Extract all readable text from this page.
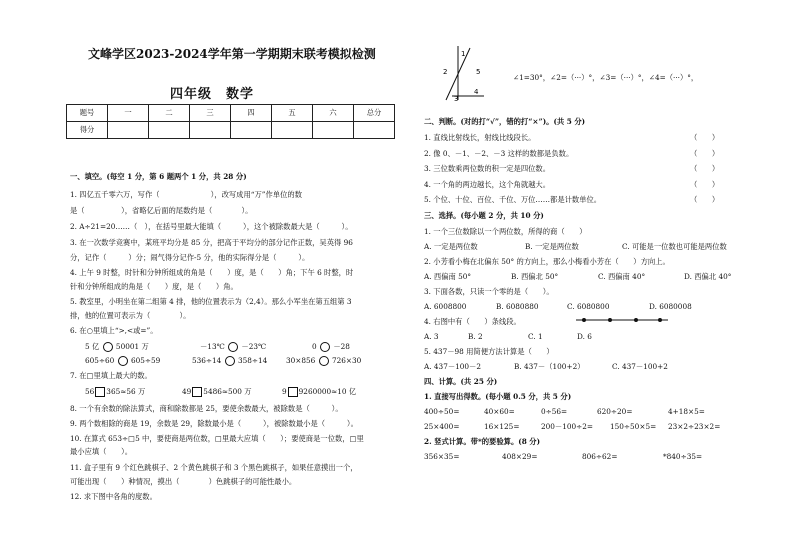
文峰学区2023-2024学年第一学期期末联考模拟检测
四年级　数学
题号	一	二	三	四	五	六	总分
得分							
一、填空。(每空 1 分，第 6 题两个 1 分，共 28 分)
1. 四亿五千零六万，写作（　　　　　　　），改写成用“万”作单位的数
是（　　　　　），省略亿后面的尾数约是（　　　　）。
2. A÷21=20……（　），在括号里最大能填（　　　），这个被除数最大是（　　　）。
3. 在一次数学竞赛中，某班平均分是 85 分，把高于平均分的部分记作正数，吴英得 96
分，记作（　　　）分；闹气得分记作-5 分，他的实际得分是（　　　）。
4. 上午 9 时整，时针和分钟所组成的角是（　　）度，是（　　）角；下午 6 时整，时
针和分钟所组成的角是（　　）度，是（　　）角。
5. 教室里，小明坐在第二组第 4 排，他的位置表示为（2,4）。那么小军坐在第五组第 3
排，他的位置可表示为（　　　　）。
6. 在○里填上“>,<或=”。
5 亿 50001 万	－13℃ －23℃	0 －28
605÷60 605÷59	536÷14 358÷14	30×856 726×30
7. 在□里填上最大的数。
56 365≈56 万	49 5486≈500 万	9 9260000≈10 亿
8. 一个有余数的除法算式，商和除数都是 25，要使余数最大，被除数是（　　　）。
9. 两个数相除的商是 19，余数是 29，除数最小是（　　　），被除数最小是（　　　）。
10. 在算式 653÷□5 中，要使商是两位数，□里最大应填（　　）；要使商是一位数，□里
最小应填（　　）。
11. 盒子里有 9 个红色跳棋子、2 个黄色跳棋子和 3 个黑色跳棋子，如果任意摸出一个，
可能出现（　　）种情况，摸出（　　　　）色跳棋子的可能性最小。
12. 求下图中各角的度数。
1
2	5
3
4
∠1=30°，∠2=（···）°，∠3=（···）°，∠4=（···）°，
二、判断。(对的打“√”，错的打“×”)。(共 5 分)
1. 直线比射线长，射线比线段长。	（　　）
2. 像 0、－1、－2、－3 这样的数都是负数。	（　　）
3. 三位数乘两位数的积一定是四位数。	（　　）
4. 一个角的两边越长，这个角就越大。	（　　）
5. 个位、十位、百位、千位、万位……都是计数单位。	（　　）
三、选择。(每小题 2 分，共 10 分)
1. 一个三位数除以一个两位数，所得的商（　　）
A. 一定是两位数	B. 一定是两位数	C. 可能是一位数也可能是两位数
2. 小芳看小梅在北偏东 50° 的方向上，那么小梅看小芳在（　　）方向上。
A. 西偏南 50°	B. 西偏北 50°	C. 西偏南 40°	D. 西偏北 40°
3. 下面各数，只读一个零的是（　　）。
A. 6008800	B. 6080880	C. 6080800	D. 6080008
4. 右图中有（　　）条线段。
A. 3	B. 2	C. 1	D. 6
5. 437－98 用简便方法计算是（　　）
A. 437－100－2	B. 437－（100+2）	C. 437－100+2
四、计算。(共 25 分)
1. 直接写出得数。(每小题 0.5 分，共 5 分)
400÷50=	40×60=	0÷56=	620÷20=	4+18×5=
25×400=	16×125=	200－100÷2= 150÷50×5= 23×2÷23×2=
2. 竖式计算。带*的要验算。(8 分)
356×35=	408×29=	806÷62=	*840÷35=
